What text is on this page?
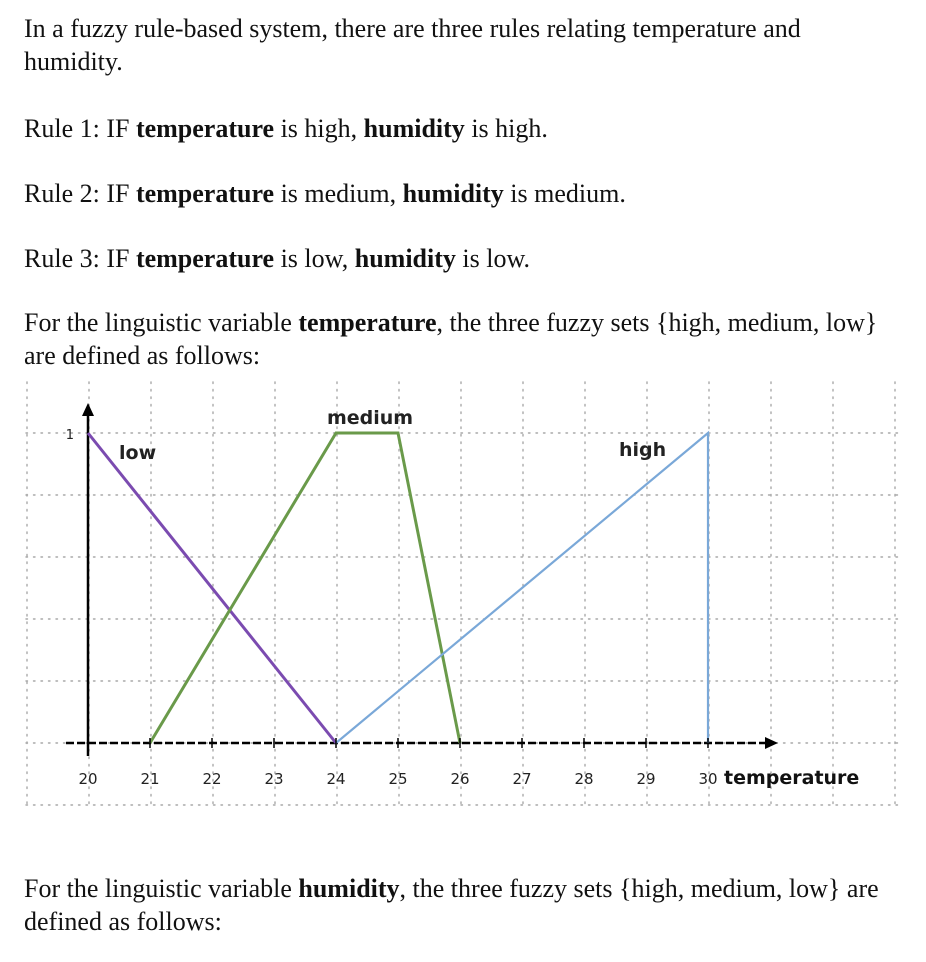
In a fuzzy rule-based system, there are three rules relating temperature and humidity.

Rule 1: IF temperature is high, humidity is high.

Rule 2: IF temperature is medium, humidity is medium.

Rule 3: IF temperature is low, humidity is low.

For the linguistic variable temperature, the three fuzzy sets {high, medium, low} are defined as follows:

20	21	22	23	24	25	26	27	28	29	30
1
temperature
low
medium
high

For the linguistic variable humidity, the three fuzzy sets {high, medium, low} are defined as follows:
